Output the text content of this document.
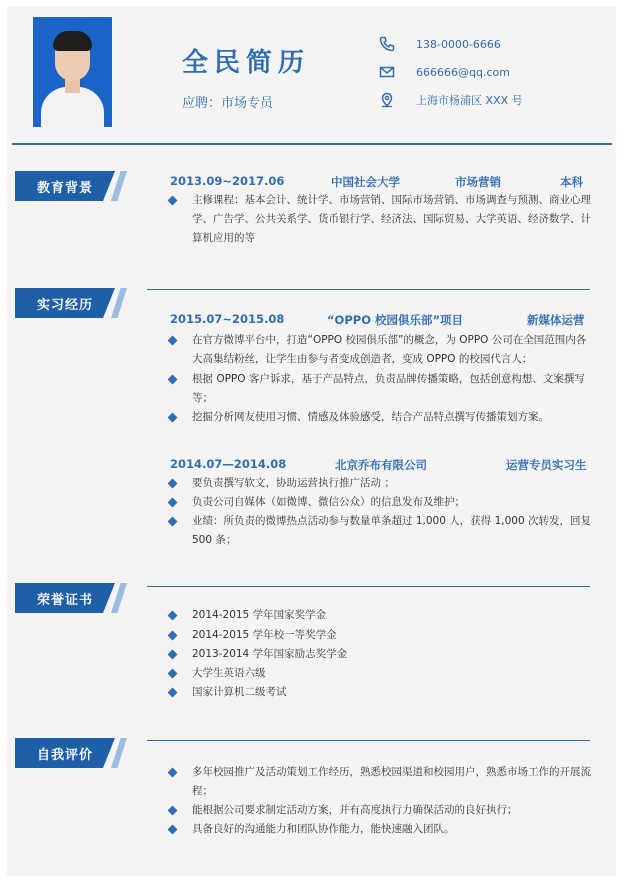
全民简历
应聘：市场专员
138-0000-6666
666666@qq.com
上海市杨浦区 XXX 号
教育背景	2013.09~2017.06	中国社会大学	市场营销	本科
主修课程：基本会计、统计学、市场营销、国际市场营销、市场调查与预测、商业心理学、广告学、公共关系学、货币银行学、经济法、国际贸易、大学英语、经济数学、计算机应用的等
实习经历
2015.07~2015.08	“OPPO 校园俱乐部”项目	新媒体运营
在官方微博平台中，打造“OPPO 校园俱乐部”的概念，为 OPPO 公司在全国范围内各大高集结粉丝，让学生由参与者变成创造者，变成 OPPO 的校园代言人；
根据 OPPO 客户诉求，基于产品特点，负责品牌传播策略，包括创意构想、文案撰写等；
挖掘分析网友使用习惯、情感及体验感受，结合产品特点撰写传播策划方案。
2014.07—2014.08	北京乔布有限公司	运营专员实习生
要负责撰写软文，协助运营执行推广活动 ；
负责公司自媒体（如微博、微信公众）的信息发布及维护；
业绩：所负责的微博热点活动参与数量单条超过 1,000 人，获得 1,000 次转发，回复 500 条；
荣誉证书
2014-2015 学年国家奖学金
2014-2015 学年校一等奖学金
2013-2014 学年国家励志奖学金
大学生英语六级
国家计算机二级考试
自我评价
多年校园推广及活动策划工作经历，熟悉校园渠道和校园用户，熟悉市场工作的开展流程；
能根据公司要求制定活动方案，并有高度执行力确保活动的良好执行；
具备良好的沟通能力和团队协作能力，能快速融入团队。
